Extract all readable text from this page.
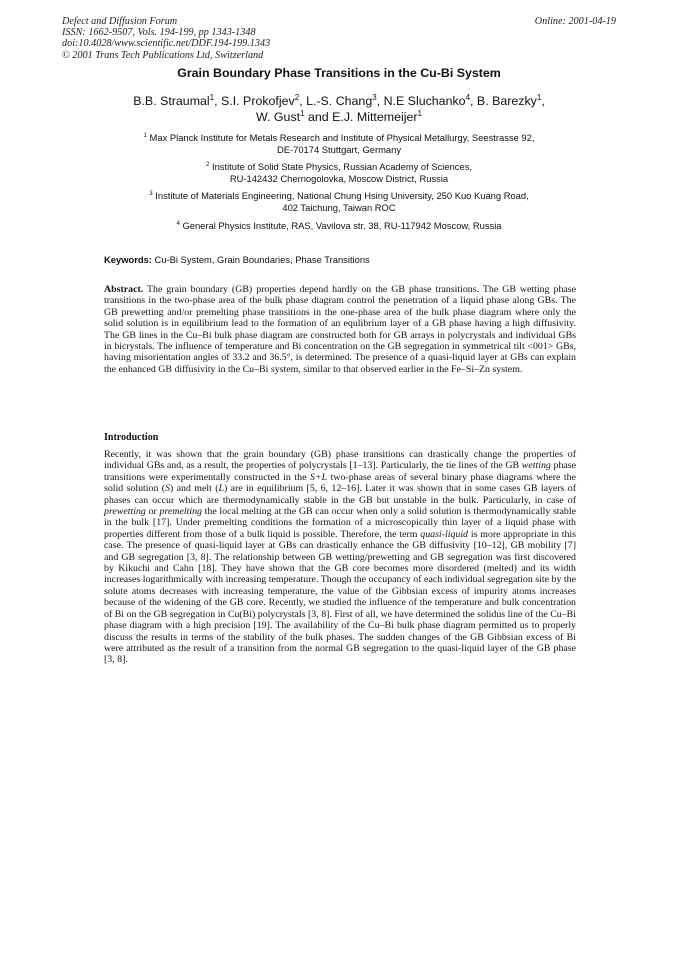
Defect and Diffusion Forum
ISSN: 1662-9507, Vols. 194-199, pp 1343-1348
doi:10.4028/www.scientific.net/DDF.194-199.1343
© 2001 Trans Tech Publications Ltd, Switzerland
Online: 2001-04-19
Grain Boundary Phase Transitions in the Cu-Bi System
B.B. Straumal$^1$, S.I. Prokofjev$^2$, L.-S. Chang$^3$, N.E Sluchanko$^4$, B. Barezky$^1$,
W. Gust$^1$ and E.J. Mittemeijer$^1$
$^1$ Max Planck Institute for Metals Research and Institute of Physical Metallurgy, Seestrasse 92,
DE-70174 Stuttgart, Germany
$^2$ Institute of Solid State Physics, Russian Academy of Sciences,
RU-142432 Chernogolovka, Moscow District, Russia
$^3$ Institute of Materials Engineering, National Chung Hsing University, 250 Kuo Kuang Road,
402 Taichung, Taiwan ROC
$^4$ General Physics Institute, RAS, Vavilova str. 38, RU-117942 Moscow, Russia
Keywords: Cu-Bi System, Grain Boundaries, Phase Transitions
Abstract. The grain boundary (GB) properties depend hardly on the GB phase transitions. The GB wetting phase transitions in the two-phase area of the bulk phase diagram control the penetration of a liquid phase along GBs. The GB prewetting and/or premelting phase transitions in the one-phase area of the bulk phase diagram where only the solid solution is in equilibrium lead to the formation of an equlibrium layer of a GB phase having a high diffusivity. The GB lines in the Cu–Bi bulk phase diagram are constructed both for GB arrays in polycrystals and individual GBs in bicrystals. The influence of temperature and Bi concentration on the GB segregation in symmetrical tilt <001> GBs, having misorientation angles of 33.2 and 36.5°, is determined. The presence of a quasi-liquid layer at GBs can explain the enhanced GB diffusivity in the Cu–Bi system, similar to that observed earlier in the Fe–Si–Zn system.
Introduction
Recently, it was shown that the grain boundary (GB) phase transitions can drastically change the properties of individual GBs and, as a result, the properties of polycrystals [1–13]. Particularly, the tie lines of the GB wetting phase transitions were experimentally constructed in the S+L two-phase areas of several binary phase diagrams where the solid solution (S) and melt (L) are in equilibrium [5, 6, 12–16]. Later it was shown that in some cases GB layers of phases can occur which are thermodynamically stable in the GB but unstable in the bulk. Particularly, in case of prewetting or premelting the local melting at the GB can occur when only a solid solution is thermodynamically stable in the bulk [17]. Under premelting conditions the formation of a microscopically thin layer of a liquid phase with properties different from those of a bulk liquid is possible. Therefore, the term quasi-liquid is more appropriate in this case. The presence of quasi-liquid layer at GBs can drastically enhance the GB diffusivity [10–12], GB mobility [7] and GB segregation [3, 8]. The relationship between GB wetting/prewetting and GB segregation was first discovered by Kikuchi and Cahn [18]. They have shown that the GB core becomes more disordered (melted) and its width increases logarithmically with increasing temperature. Though the occupancy of each individual segregation site by the solute atoms decreases with increasing temperature, the value of the Gibbsian excess of impurity atoms increases because of the widening of the GB core. Recently, we studied the influence of the temperature and bulk concentration of Bi on the GB segregation in Cu(Bi) polycrystals [3, 8]. First of all, we have determined the solidus line of the Cu–Bi phase diagram with a high precision [19]. The availability of the Cu–Bi bulk phase diagram permitted us to properly discuss the results in terms of the stability of the bulk phases. The sudden changes of the GB Gibbsian excess of Bi were attributed as the result of a transition from the normal GB segregation to the quasi-liquid layer of the GB phase [3, 8].
